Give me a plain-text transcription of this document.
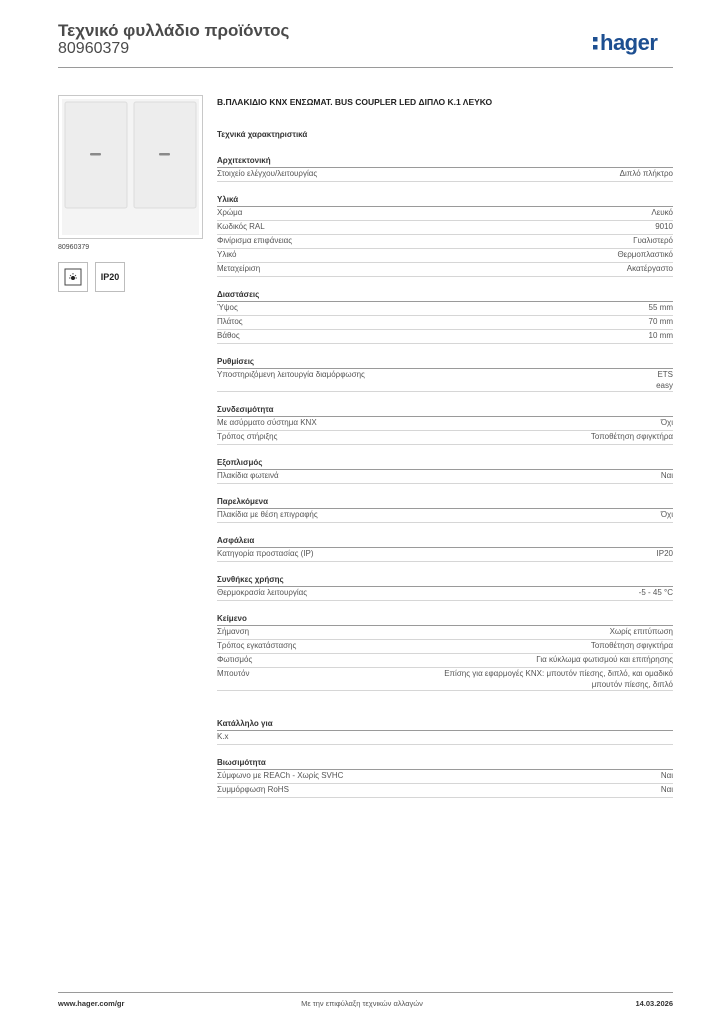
Τεχνικό φυλλάδιο προϊόντος
80960379	hager
80960379
IP20
Β.ΠΛΑΚΙΔΙΟ KNX ΕΝΣΩΜΑΤ. BUS COUPLER LED ΔΙΠΛΟ Κ.1 ΛΕΥΚΟ
Τεχνικά χαρακτηριστικά
Αρχιτεκτονική
Στοιχείο ελέγχου/λειτουργίας	Διπλό πλήκτρο
Υλικά
Χρώμα	Λευκό
Κωδικός RAL	9010
Φινίρισμα επιφάνειας	Γυαλιστερό
Υλικό	Θερμοπλαστικό
Μεταχείριση	Ακατέργαστο
Διαστάσεις
Ύψος	55 mm
Πλάτος	70 mm
Βάθος	10 mm
Ρυθμίσεις
Υποστηριζόμενη λειτουργία διαμόρφωσης	ETS
easy
Συνδεσιμότητα
Με ασύρματο σύστημα KNX	Όχι
Τρόπος στήριξης	Τοποθέτηση σφιγκτήρα
Εξοπλισμός
Πλακίδια φωτεινά	Ναι
Παρελκόμενα
Πλακίδια με θέση επιγραφής	Όχι
Ασφάλεια
Κατηγορία προστασίας (IP)	IP20
Συνθήκες χρήσης
Θερμοκρασία λειτουργίας	-5 - 45 °C
Κείμενο
Σήμανση	Χωρίς επιτύπωση
Τρόπος εγκατάστασης	Τοποθέτηση σφιγκτήρα
Φωτισμός	Για κύκλωμα φωτισμού και επιτήρησης
Μπουτόν	Επίσης για εφαρμογές KNX: μπουτόν πίεσης, διπλό, και ομαδικό
μπουτόν πίεσης, διπλό
Κατάλληλο για
K.x
Βιωσιμότητα
Σύμφωνο με REACh - Χωρίς SVHC	Ναι
Συμμόρφωση RoHS	Ναι
www.hager.com/gr	Με την επιφύλαξη τεχνικών αλλαγών	14.03.2026
